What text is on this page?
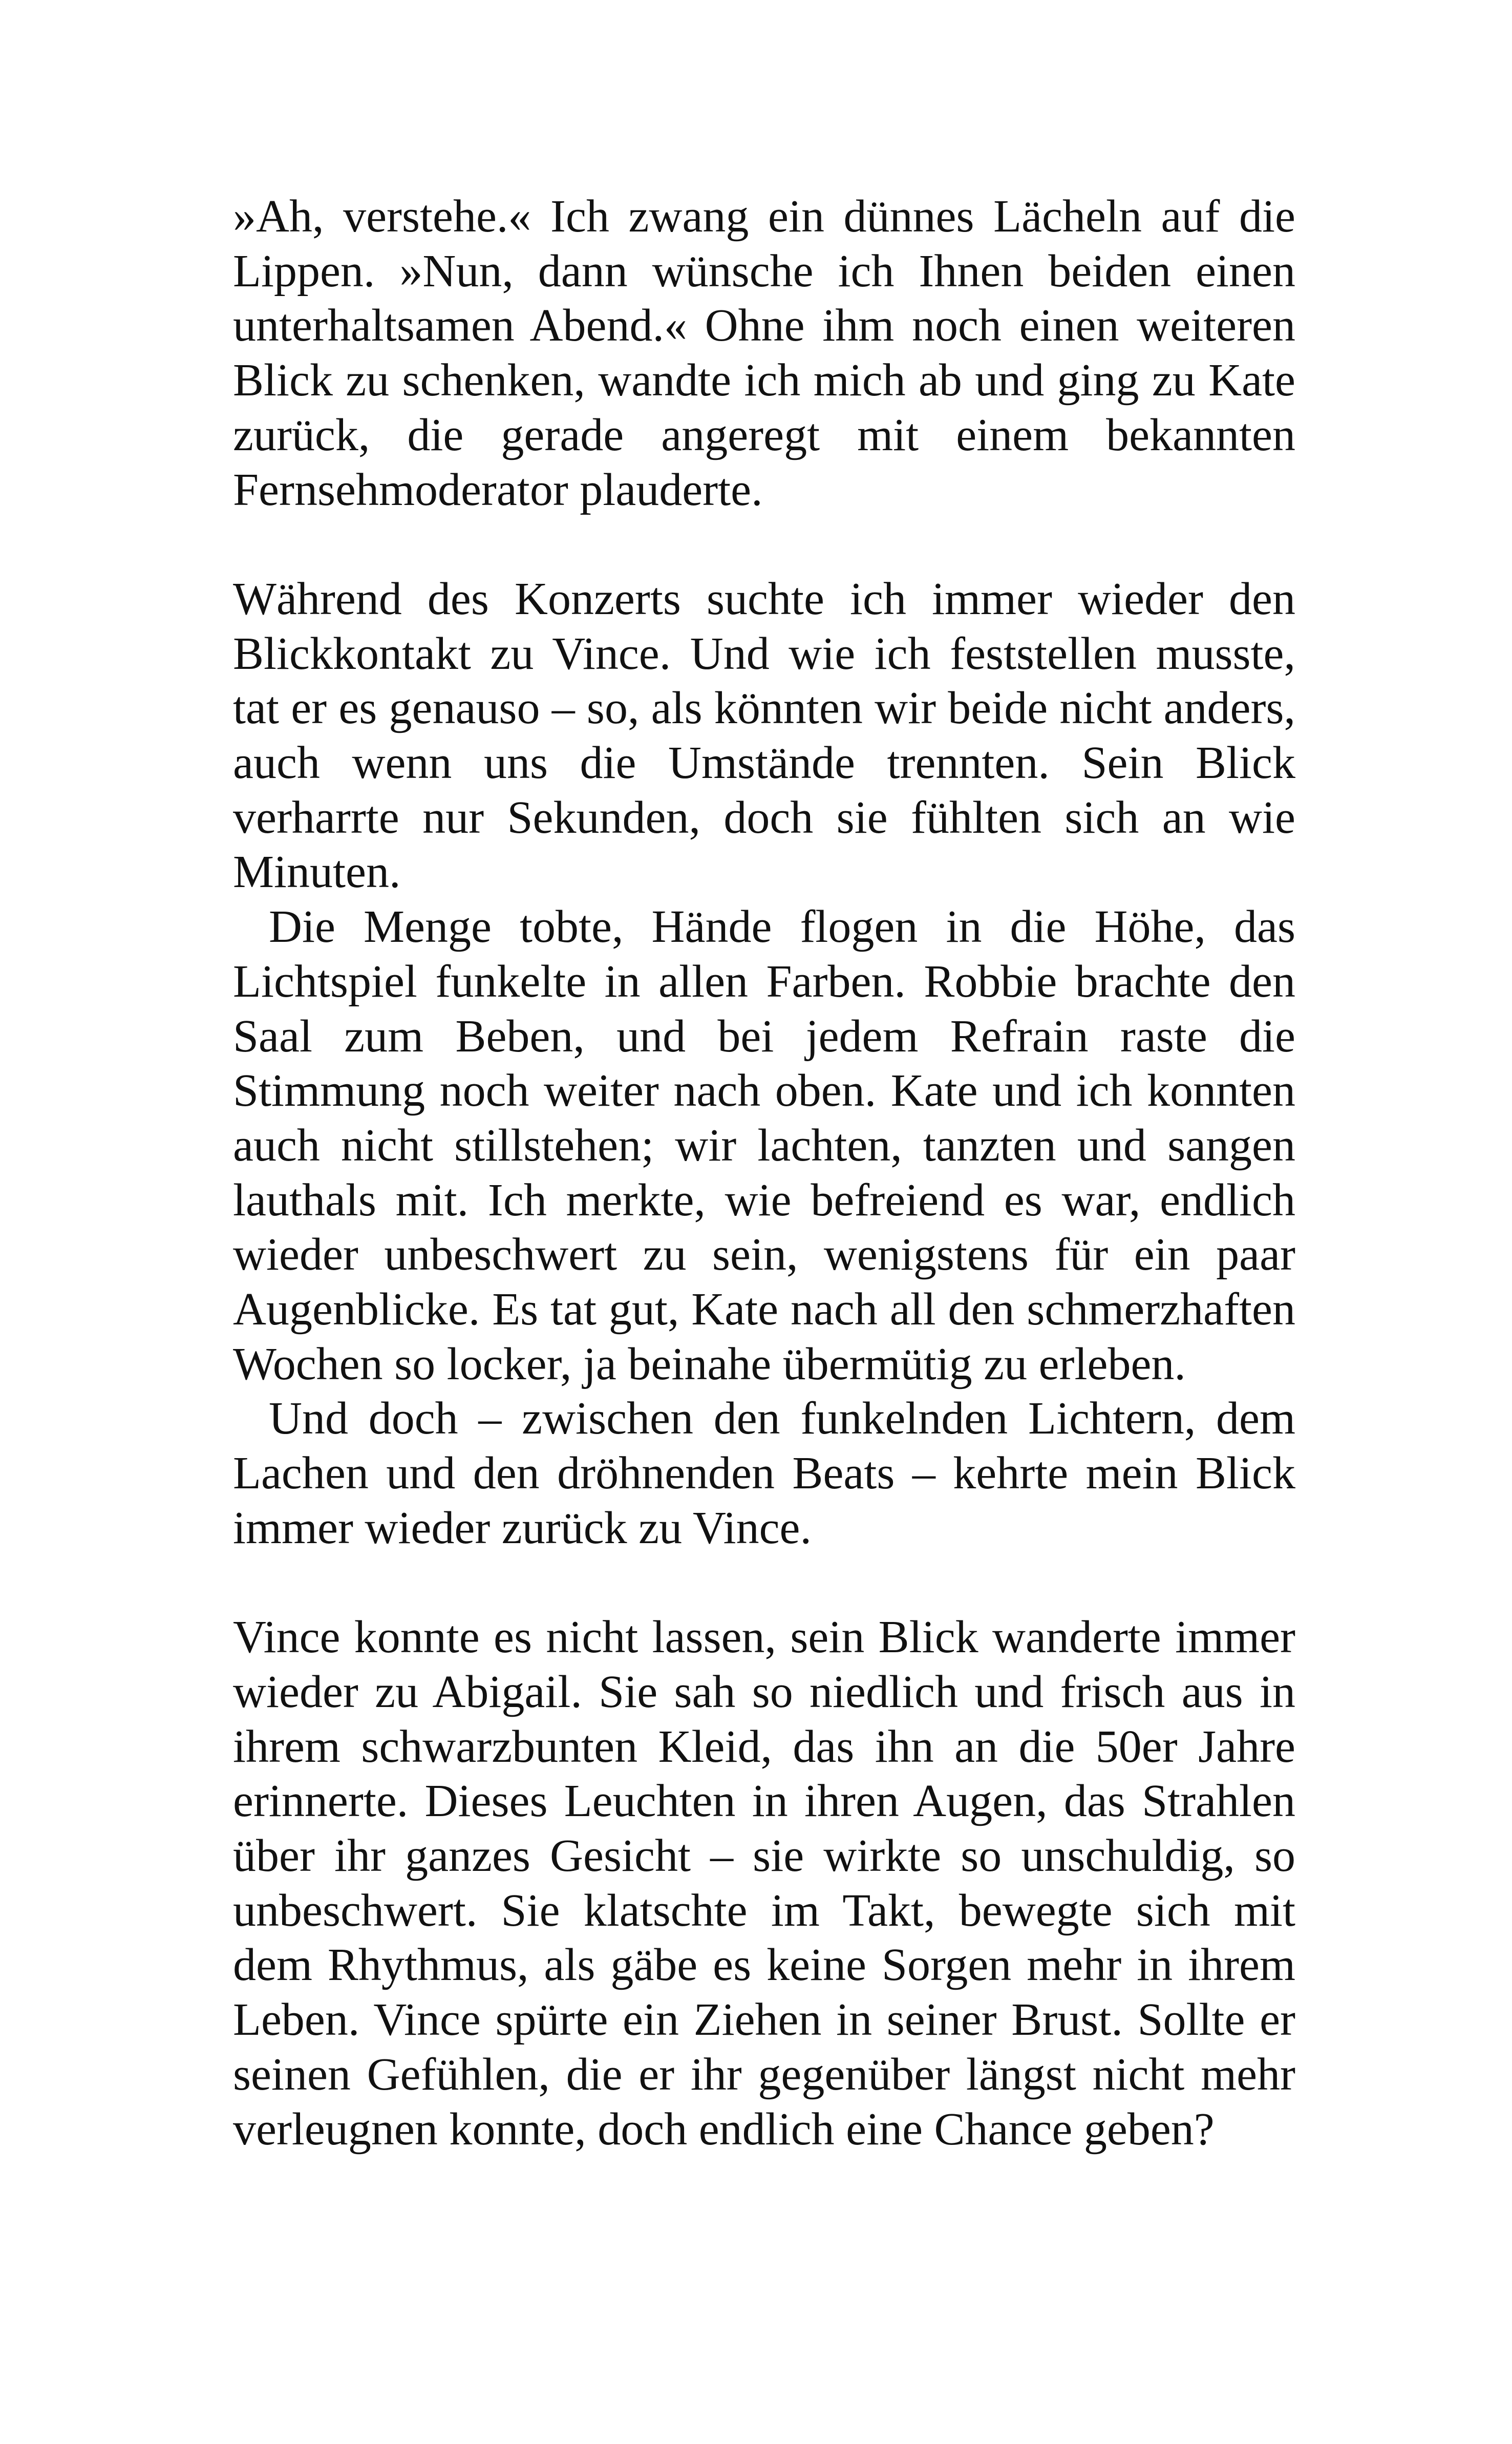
»Ah, verstehe.« Ich zwang ein dünnes Lächeln auf die Lippen. »Nun, dann wünsche ich Ihnen beiden einen unterhaltsamen Abend.« Ohne ihm noch einen weiteren Blick zu schenken, wandte ich mich ab und ging zu Kate zurück, die gerade angeregt mit einem bekannten Fernsehmoderator plauderte.

Während des Konzerts suchte ich immer wieder den Blickkontakt zu Vince. Und wie ich feststellen musste, tat er es genauso – so, als könnten wir beide nicht anders, auch wenn uns die Umstände trennten. Sein Blick verharrte nur Sekunden, doch sie fühlten sich an wie Minuten.

Die Menge tobte, Hände flogen in die Höhe, das Lichtspiel funkelte in allen Farben. Robbie brachte den Saal zum Beben, und bei jedem Refrain raste die Stimmung noch weiter nach oben. Kate und ich konnten auch nicht stillstehen; wir lachten, tanzten und sangen lauthals mit. Ich merkte, wie befreiend es war, endlich wieder unbeschwert zu sein, wenigstens für ein paar Augenblicke. Es tat gut, Kate nach all den schmerzhaften Wochen so locker, ja beinahe übermütig zu erleben.

Und doch – zwischen den funkelnden Lichtern, dem Lachen und den dröhnenden Beats – kehrte mein Blick immer wieder zurück zu Vince.

Vince konnte es nicht lassen, sein Blick wanderte immer wieder zu Abigail. Sie sah so niedlich und frisch aus in ihrem schwarzbunten Kleid, das ihn an die 50er Jahre erinnerte. Dieses Leuchten in ihren Augen, das Strahlen über ihr ganzes Gesicht – sie wirkte so unschuldig, so unbeschwert. Sie klatschte im Takt, bewegte sich mit dem Rhythmus, als gäbe es keine Sorgen mehr in ihrem Leben. Vince spürte ein Ziehen in seiner Brust. Sollte er seinen Gefühlen, die er ihr gegenüber längst nicht mehr verleugnen konnte, doch endlich eine Chance geben?
